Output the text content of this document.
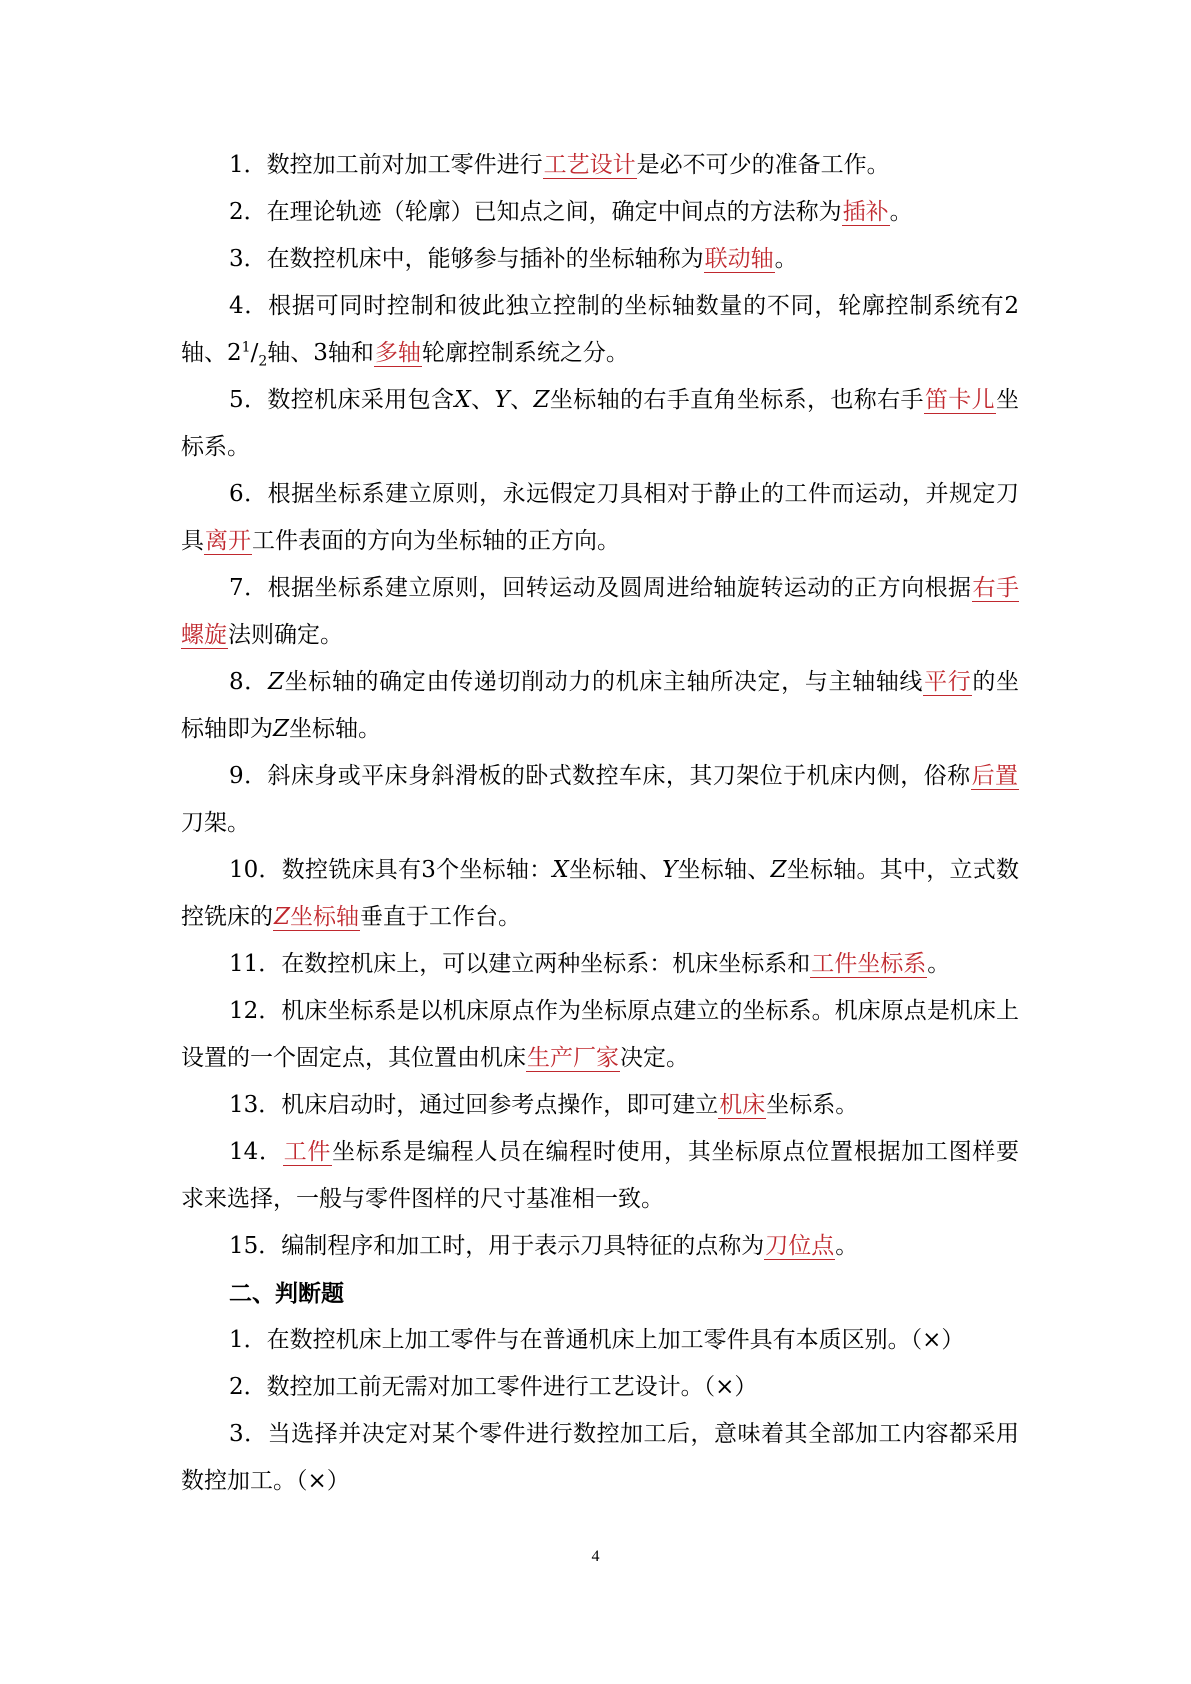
1．数控加工前对加工零件进行工艺设计是必不可少的准备工作。

2．在理论轨迹（轮廓）已知点之间，确定中间点的方法称为插补。

3．在数控机床中，能够参与插补的坐标轴称为联动轴。

4．根据可同时控制和彼此独立控制的坐标轴数量的不同，轮廓控制系统有2轴、$2^1/_2$轴、3轴和多轴轮廓控制系统之分。

5．数控机床采用包含X、Y、Z坐标轴的右手直角坐标系，也称右手笛卡儿坐标系。

6．根据坐标系建立原则，永远假定刀具相对于静止的工件而运动，并规定刀具离开工件表面的方向为坐标轴的正方向。

7．根据坐标系建立原则，回转运动及圆周进给轴旋转运动的正方向根据右手螺旋法则确定。

8．Z坐标轴的确定由传递切削动力的机床主轴所决定，与主轴轴线平行的坐标轴即为Z坐标轴。

9．斜床身或平床身斜滑板的卧式数控车床，其刀架位于机床内侧，俗称后置刀架。

10．数控铣床具有3个坐标轴：X坐标轴、Y坐标轴、Z坐标轴。其中，立式数控铣床的Z坐标轴垂直于工作台。

11．在数控机床上，可以建立两种坐标系：机床坐标系和工件坐标系。

12．机床坐标系是以机床原点作为坐标原点建立的坐标系。机床原点是机床上设置的一个固定点，其位置由机床生产厂家决定。

13．机床启动时，通过回参考点操作，即可建立机床坐标系。

14．工件坐标系是编程人员在编程时使用，其坐标原点位置根据加工图样要求来选择，一般与零件图样的尺寸基准相一致。

15．编制程序和加工时，用于表示刀具特征的点称为刀位点。

二、判断题

1．在数控机床上加工零件与在普通机床上加工零件具有本质区别。（×）

2．数控加工前无需对加工零件进行工艺设计。（×）

3．当选择并决定对某个零件进行数控加工后，意味着其全部加工内容都采用数控加工。（×）

4
